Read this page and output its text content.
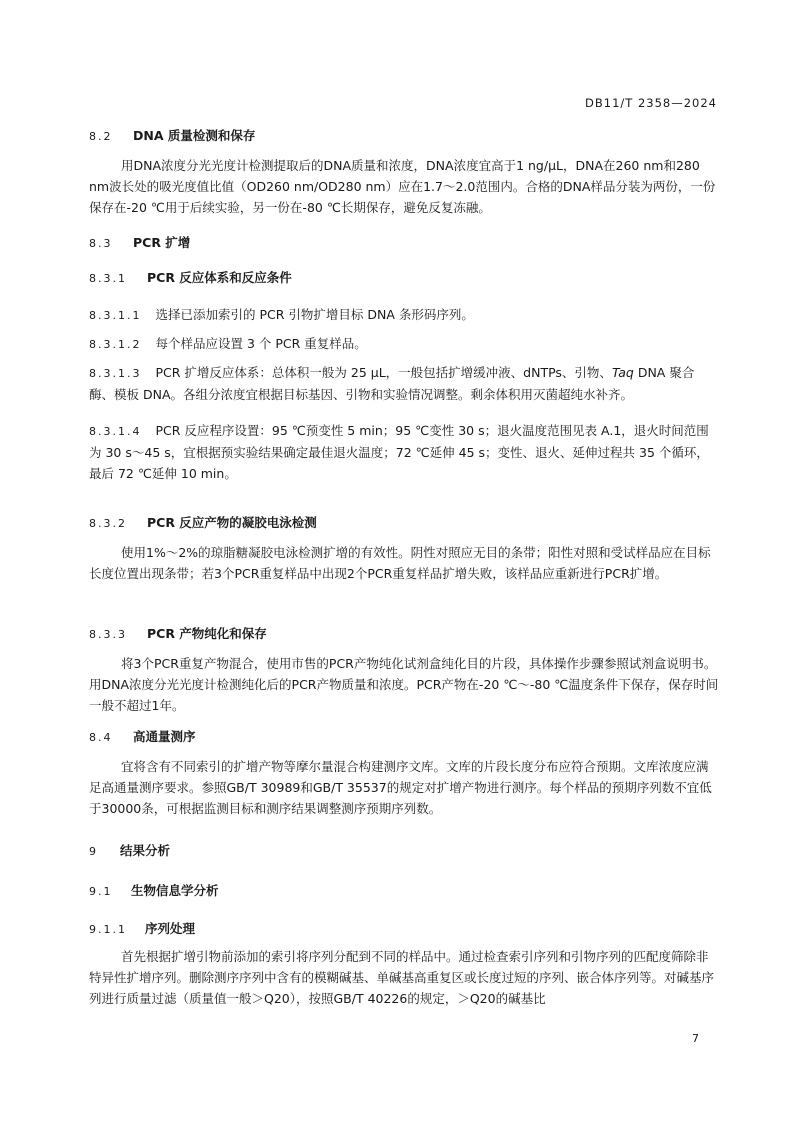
DB11/T 2358—2024
8.2 DNA 质量检测和保存
用DNA浓度分光光度计检测提取后的DNA质量和浓度，DNA浓度宜高于1 ng/μL，DNA在260 nm和280 nm波长处的吸光度值比值（OD260 nm/OD280 nm）应在1.7～2.0范围内。合格的DNA样品分装为两份，一份保存在-20 ℃用于后续实验，另一份在-80 ℃长期保存，避免反复冻融。
8.3 PCR 扩增
8.3.1 PCR 反应体系和反应条件
8.3.1.1 选择已添加索引的 PCR 引物扩增目标 DNA 条形码序列。
8.3.1.2 每个样品应设置 3 个 PCR 重复样品。
8.3.1.3 PCR 扩增反应体系：总体积一般为 25 μL，一般包括扩增缓冲液、dNTPs、引物、Taq DNA 聚合酶、模板 DNA。各组分浓度宜根据目标基因、引物和实验情况调整。剩余体积用灭菌超纯水补齐。
8.3.1.4 PCR 反应程序设置：95 ℃预变性 5 min；95 ℃变性 30 s；退火温度范围见表 A.1，退火时间范围为 30 s～45 s，宜根据预实验结果确定最佳退火温度；72 ℃延伸 45 s；变性、退火、延伸过程共 35 个循环，最后 72 ℃延伸 10 min。
8.3.2 PCR 反应产物的凝胶电泳检测
使用1%～2%的琼脂糖凝胶电泳检测扩增的有效性。阴性对照应无目的条带；阳性对照和受试样品应在目标长度位置出现条带；若3个PCR重复样品中出现2个PCR重复样品扩增失败，该样品应重新进行PCR扩增。
8.3.3 PCR 产物纯化和保存
将3个PCR重复产物混合，使用市售的PCR产物纯化试剂盒纯化目的片段，具体操作步骤参照试剂盒说明书。用DNA浓度分光光度计检测纯化后的PCR产物质量和浓度。PCR产物在-20 ℃～-80 ℃温度条件下保存，保存时间一般不超过1年。
8.4 高通量测序
宜将含有不同索引的扩增产物等摩尔量混合构建测序文库。文库的片段长度分布应符合预期。文库浓度应满足高通量测序要求。参照GB/T 30989和GB/T 35537的规定对扩增产物进行测序。每个样品的预期序列数不宜低于30000条，可根据监测目标和测序结果调整测序预期序列数。
9 结果分析
9.1 生物信息学分析
9.1.1 序列处理
首先根据扩增引物前添加的索引将序列分配到不同的样品中。通过检查索引序列和引物序列的匹配度筛除非特异性扩增序列。删除测序序列中含有的模糊碱基、单碱基高重复区或长度过短的序列、嵌合体序列等。对碱基序列进行质量过滤（质量值一般＞Q20），按照GB/T 40226的规定，＞Q20的碱基比
7
